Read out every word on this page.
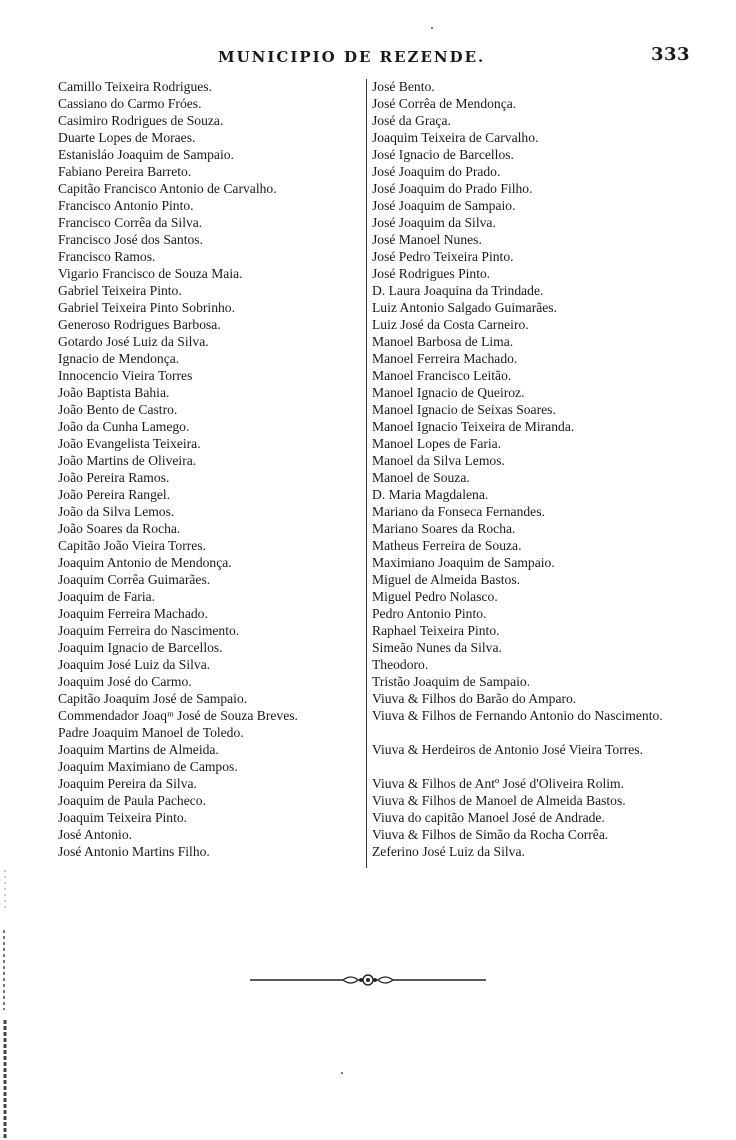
MUNICIPIO DE REZENDE.	333
Camillo Teixeira Rodrigues.
Cassiano do Carmo Fróes.
Casimiro Rodrigues de Souza.
Duarte Lopes de Moraes.
Estanisláo Joaquim de Sampaio.
Fabiano Pereira Barreto.
Capitão Francisco Antonio de Carvalho.
Francisco Antonio Pinto.
Francisco Corrêa da Silva.
Francisco José dos Santos.
Francisco Ramos.
Vigario Francisco de Souza Maia.
Gabriel Teixeira Pinto.
Gabriel Teixeira Pinto Sobrinho.
Generoso Rodrigues Barbosa.
Gotardo José Luiz da Silva.
Ignacio de Mendonça.
Innocencio Vieira Torres
João Baptista Bahia.
João Bento de Castro.
João da Cunha Lamego.
João Evangelista Teixeira.
João Martins de Oliveira.
João Pereira Ramos.
João Pereira Rangel.
João da Silva Lemos.
João Soares da Rocha.
Capitão João Vieira Torres.
Joaquim Antonio de Mendonça.
Joaquim Corrêa Guimarães.
Joaquim de Faria.
Joaquim Ferreira Machado.
Joaquim Ferreira do Nascimento.
Joaquim Ignacio de Barcellos.
Joaquim José Luiz da Silva.
Joaquim José do Carmo.
Capitão Joaquim José de Sampaio.
Commendador Joaqᵐ José de Souza Breves.
Padre Joaquim Manoel de Toledo.
Joaquim Martins de Almeida.
Joaquim Maximiano de Campos.
Joaquim Pereira da Silva.
Joaquim de Paula Pacheco.
Joaquim Teixeira Pinto.
José Antonio.
José Antonio Martins Filho.
José Bento.
José Corrêa de Mendonça.
José da Graça.
Joaquim Teixeira de Carvalho.
José Ignacio de Barcellos.
José Joaquim do Prado.
José Joaquim do Prado Filho.
José Joaquim de Sampaio.
José Joaquim da Silva.
José Manoel Nunes.
José Pedro Teixeira Pinto.
José Rodrigues Pinto.
D. Laura Joaquina da Trindade.
Luiz Antonio Salgado Guimarães.
Luiz José da Costa Carneiro.
Manoel Barbosa de Lima.
Manoel Ferreira Machado.
Manoel Francisco Leitão.
Manoel Ignacio de Queiroz.
Manoel Ignacio de Seixas Soares.
Manoel Ignacio Teixeira de Miranda.
Manoel Lopes de Faria.
Manoel da Silva Lemos.
Manoel de Souza.
D. Maria Magdalena.
Mariano da Fonseca Fernandes.
Mariano Soares da Rocha.
Matheus Ferreira de Souza.
Maximiano Joaquim de Sampaio.
Miguel de Almeida Bastos.
Miguel Pedro Nolasco.
Pedro Antonio Pinto.
Raphael Teixeira Pinto.
Simeão Nunes da Silva.
Theodoro.
Tristão Joaquim de Sampaio.
Viuva & Filhos do Barão do Amparo.
Viuva & Filhos de Fernando Antonio do Nascimento.
Viuva & Herdeiros de Antonio José Vieira Torres.
Viuva & Filhos de Antº José d'Oliveira Rolim.
Viuva & Filhos de Manoel de Almeida Bastos.
Viuva do capitão Manoel José de Andrade.
Viuva & Filhos de Simão da Rocha Corrêa.
Zeferino José Luiz da Silva.
